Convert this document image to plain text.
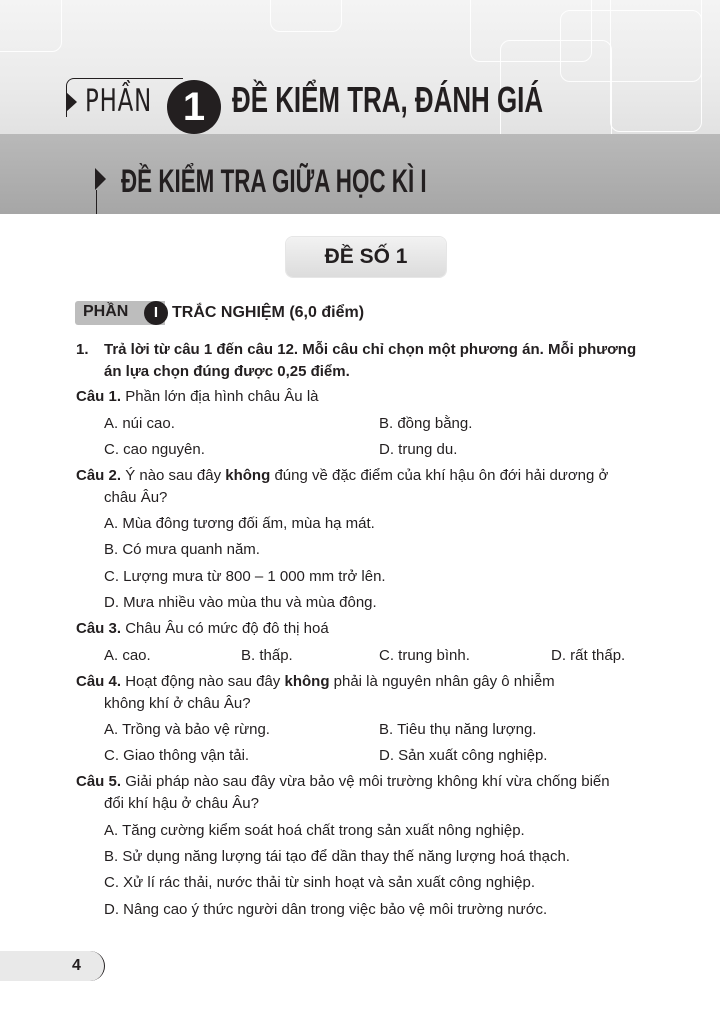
PHẦN 1 ĐỀ KIỂM TRA, ĐÁNH GIÁ
ĐỀ KIỂM TRA GIỮA HỌC KÌ I
ĐỀ SỐ 1
PHẦN	I TRẮC NGHIỆM (6,0 điểm)
1. Trả lời từ câu 1 đến câu 12. Mỗi câu chỉ chọn một phương án. Mỗi phương
án lựa chọn đúng được 0,25 điểm.
Câu 1. Phần lớn địa hình châu Âu là
A. núi cao.	B. đồng bằng.
C. cao nguyên.	D. trung du.
Câu 2. Ý nào sau đây không đúng về đặc điểm của khí hậu ôn đới hải dương ở
châu Âu?
A. Mùa đông tương đối ấm, mùa hạ mát.
B. Có mưa quanh năm.
C. Lượng mưa từ 800 – 1 000 mm trở lên.
D. Mưa nhiều vào mùa thu và mùa đông.
Câu 3. Châu Âu có mức độ đô thị hoá
A. cao.	B. thấp.	C. trung bình.	D. rất thấp.
Câu 4. Hoạt động nào sau đây không phải là nguyên nhân gây ô nhiễm
không khí ở châu Âu?
A. Trồng và bảo vệ rừng.	B. Tiêu thụ năng lượng.
C. Giao thông vận tải.	D. Sản xuất công nghiệp.
Câu 5. Giải pháp nào sau đây vừa bảo vệ môi trường không khí vừa chống biến
đổi khí hậu ở châu Âu?
A. Tăng cường kiểm soát hoá chất trong sản xuất nông nghiệp.
B. Sử dụng năng lượng tái tạo để dần thay thế năng lượng hoá thạch.
C. Xử lí rác thải, nước thải từ sinh hoạt và sản xuất công nghiệp.
D. Nâng cao ý thức người dân trong việc bảo vệ môi trường nước.
4
